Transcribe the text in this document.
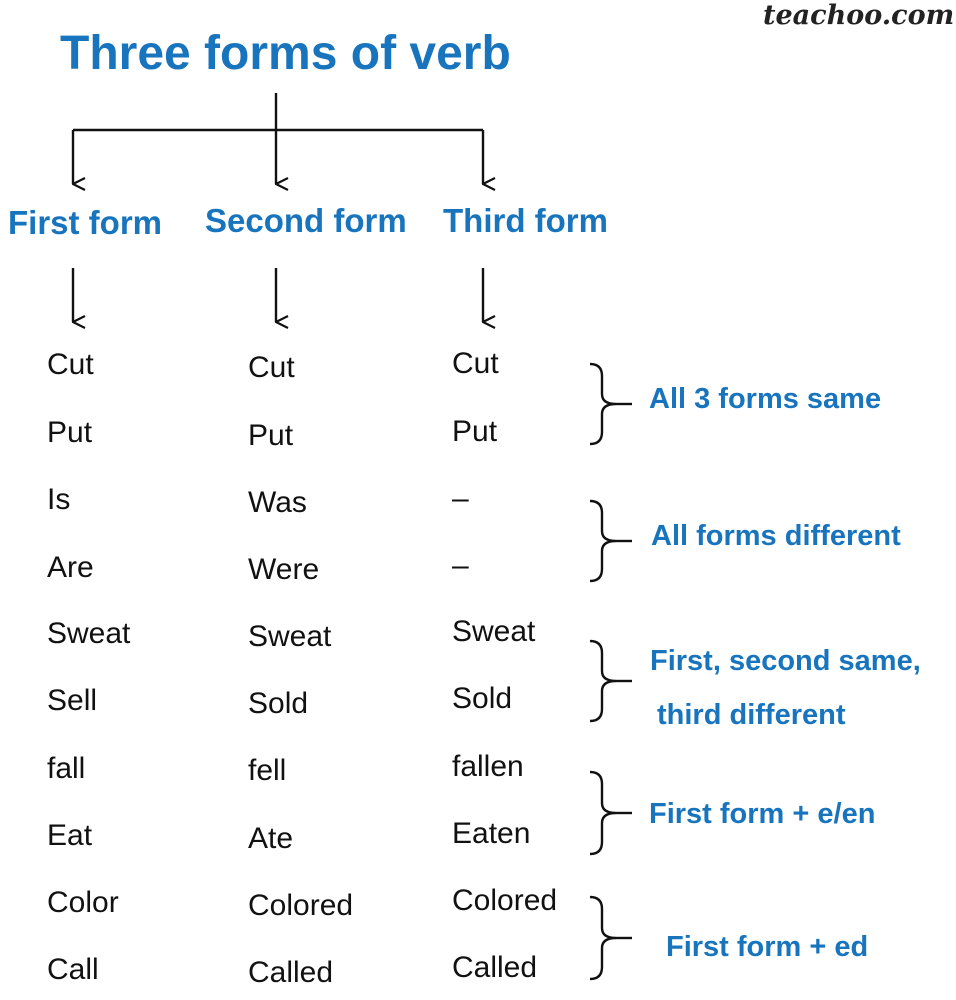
teachoo.com
Three forms of verb
First form Second form Third form
Cut	Cut	Cut
Put	Put	Put
Is	Was	–
Are	Were	–
Sweat	Sweat	Sweat
Sell	Sold	Sold
fall	fell	fallen
Eat	Ate	Eaten
Color	Colored	Colored
Call	Called	Called
All 3 forms same
All forms different
First, second same,
third different
First form + e/en
First form + ed
